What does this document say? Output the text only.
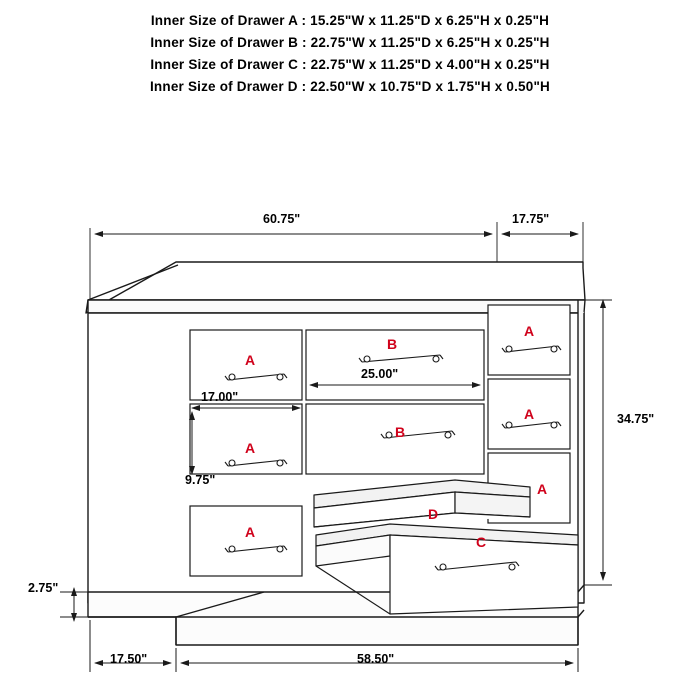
Inner Size of Drawer A : 15.25"W x 11.25"D x 6.25"H x 0.25"H
Inner Size of Drawer B : 22.75"W x 11.25"D x 6.25"H x 0.25"H
Inner Size of Drawer C : 22.75"W x 11.25"D x 4.00"H x 0.25"H
Inner Size of Drawer D : 22.50"W x 10.75"D x 1.75"H x 0.50"H
60.75"	17.75"
17.00"
25.00"
9.75"
34.75"
2.75"
17.50"	58.50"
A
B
A
A
B
A
A
A
D
C
